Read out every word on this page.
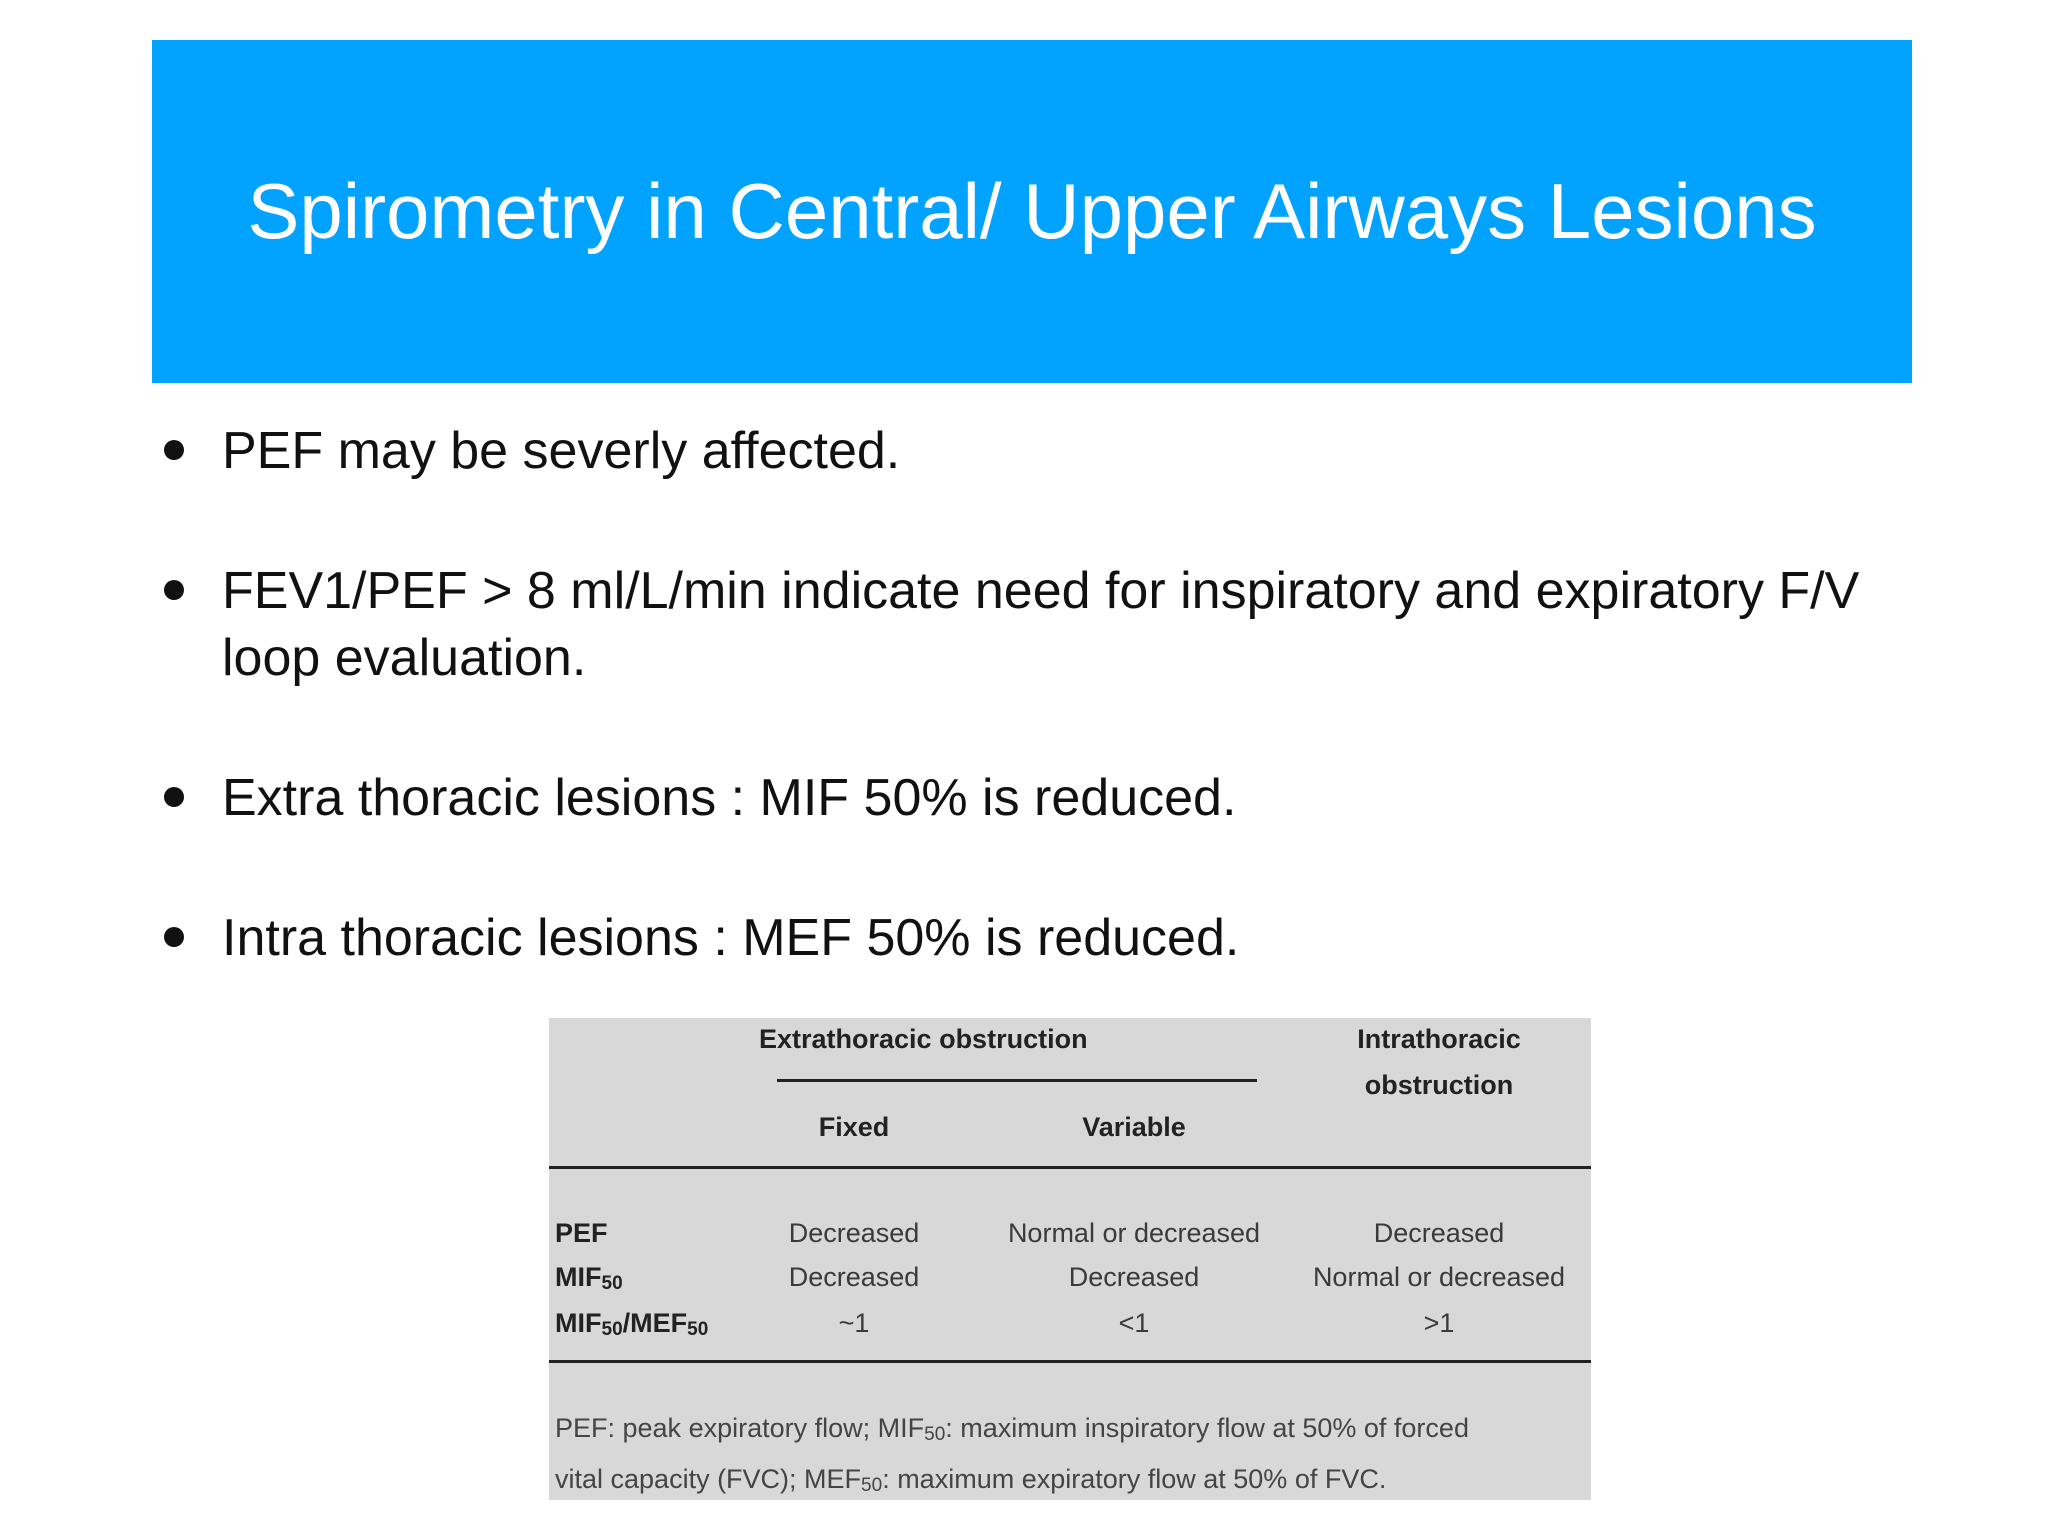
Spirometry in Central/ Upper Airways Lesions
PEF may be severly affected.
FEV1/PEF > 8 ml/L/min indicate need for inspiratory and expiratory F/V loop evaluation.
Extra thoracic lesions : MIF 50% is reduced.
Intra thoracic lesions : MEF 50% is reduced.
Extrathoracic obstruction	Intrathoracic
obstruction
Fixed	Variable
PEF	Decreased	Normal or decreased	Decreased
$MIF_{50}$	Decreased	Decreased	Normal or decreased
$MIF_{50}/MEF_{50}$	~1	<1	>1
PEF: peak expiratory flow; $MIF_{50}$: maximum inspiratory flow at 50% of forced
vital capacity (FVC); $MEF_{50}$: maximum expiratory flow at 50% of FVC.
